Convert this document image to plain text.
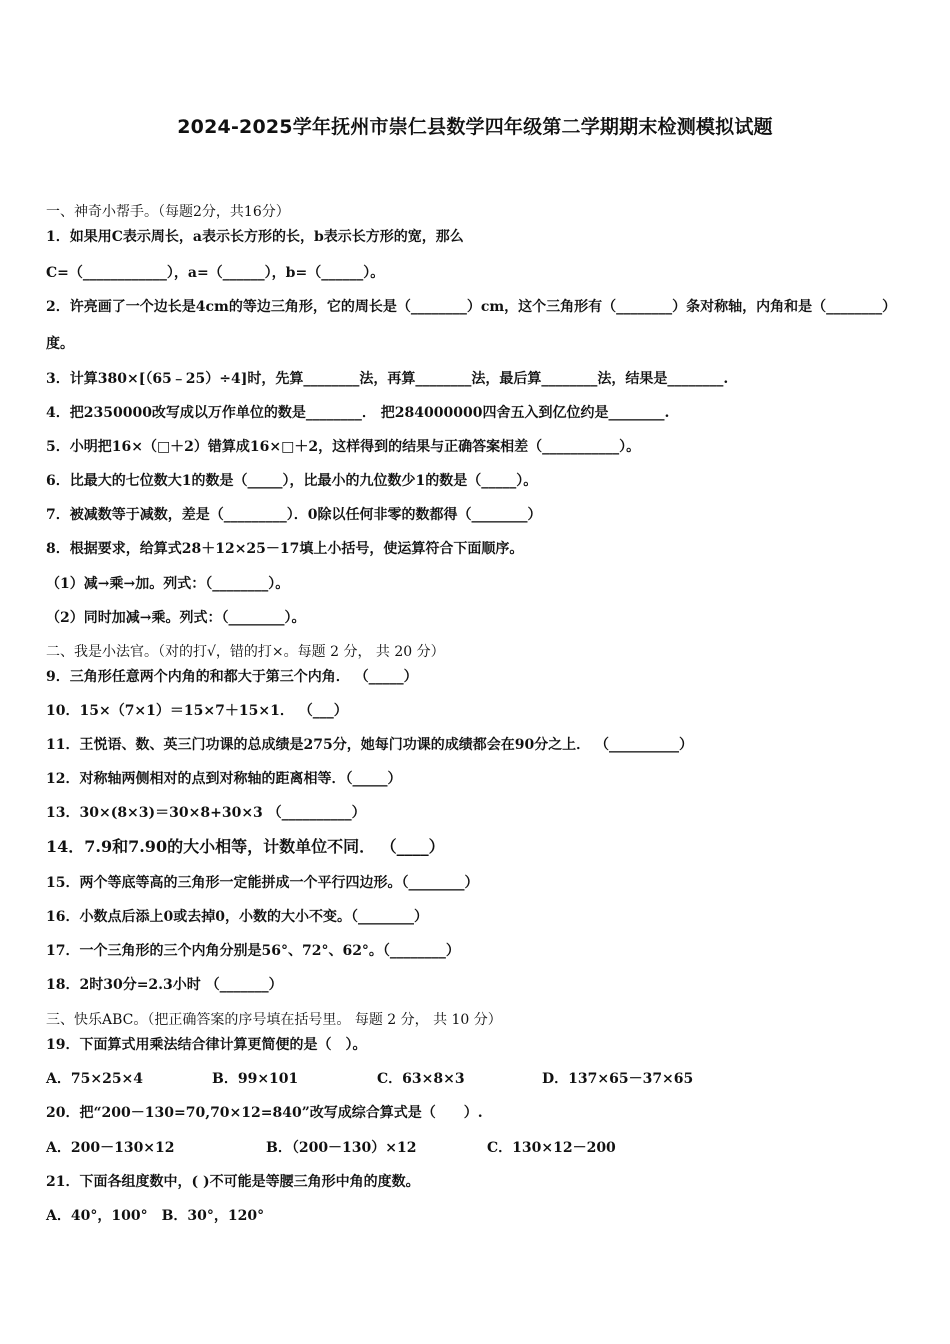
2024-2025学年抚州市崇仁县数学四年级第二学期期末检测模拟试题
一、神奇小帮手。（每题2分，共16分）
1．如果用C表示周长，a表示长方形的长，b表示长方形的宽，那么
C=（____________），a=（______），b=（______）。
2．许亮画了一个边长是4cm的等边三角形，它的周长是（________）cm，这个三角形有（________）条对称轴，内角和是（________）度。
3．计算380×[（65﹣25）÷4]时，先算________法，再算________法，最后算________法，结果是________.
4．把2350000改写成以万作单位的数是________． 把284000000四舍五入到亿位约是________.
5．小明把16×（□＋2）错算成16×□＋2，这样得到的结果与正确答案相差（___________）。
6．比最大的七位数大1的数是（_____），比最小的九位数少1的数是（_____）。
7．被减数等于减数，差是（_________）．0除以任何非零的数都得（________）
8．根据要求，给算式28＋12×25－17填上小括号，使运算符合下面顺序。
（1）减→乘→加。列式：（________）。
（2）同时加减→乘。列式：（________）。
二、我是小法官。（对的打√，错的打×。每题 2 分， 共 20 分）
9．三角形任意两个内角的和都大于第三个内角． （_____）
10．15×（7×1）＝15×7＋15×1． （___）
11．王悦语、数、英三门功课的总成绩是275分，她每门功课的成绩都会在90分之上． （__________）
12．对称轴两侧相对的点到对称轴的距离相等．（_____）
13．30×(8×3)＝30×8+30×3 （__________）
14．7.9和7.90的大小相等，计数单位不同． （____）
15．两个等底等高的三角形一定能拼成一个平行四边形。（________）
16．小数点后添上0或去掉0，小数的大小不变。（________）
17．一个三角形的三个内角分别是56°、72°、62°。（________）
18．2时30分=2.3小时 （_______）
三、快乐ABC。（把正确答案的序号填在括号里。 每题 2 分， 共 10 分）
19．下面算式用乘法结合律计算更简便的是（　）。
A．75×25×4	B．99×101	C．63×8×3	D．137×65－37×65
20．把“200－130=70,70×12=840”改写成综合算式是（　　）.
A．200－130×12	B．（200－130）×12	C．130×12－200
21．下面各组度数中，( )不可能是等腰三角形中角的度数。
A．40°，100°　B．30°，120°
